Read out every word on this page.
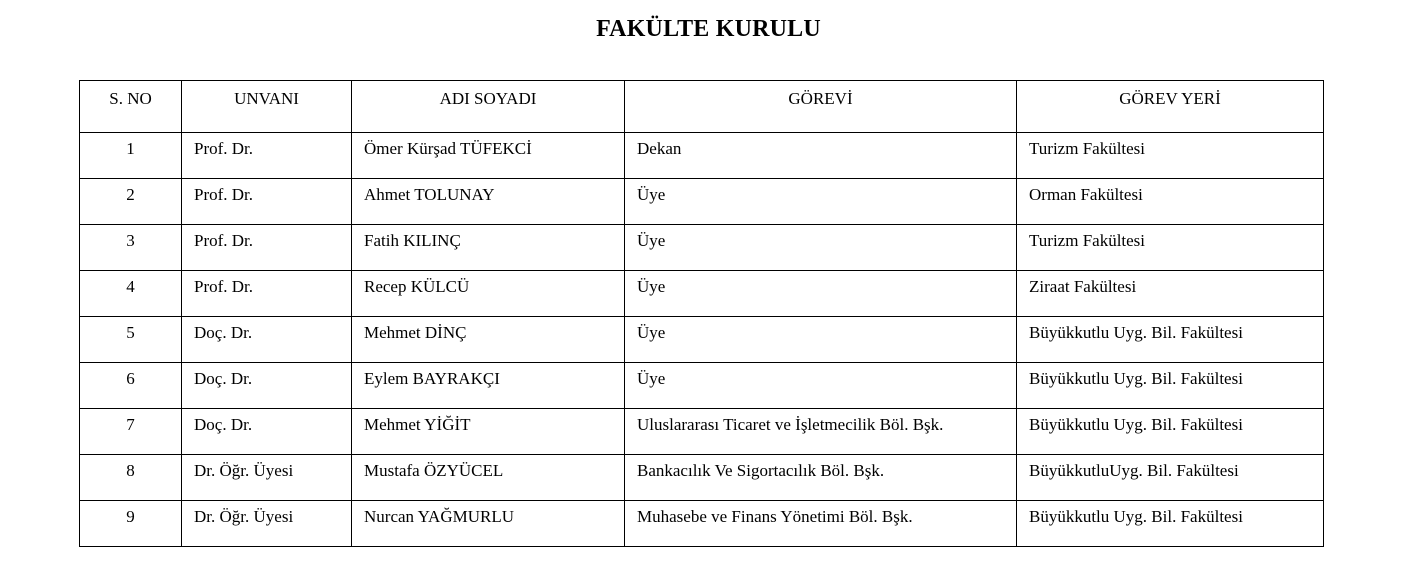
FAKÜLTE KURULU
S. NO	UNVANI	ADI SOYADI	GÖREVİ	GÖREV YERİ
1	Prof. Dr.	Ömer Kürşad TÜFEKCİ	Dekan	Turizm Fakültesi
2	Prof. Dr.	Ahmet TOLUNAY	Üye	Orman Fakültesi
3	Prof. Dr.	Fatih KILINÇ	Üye	Turizm Fakültesi
4	Prof. Dr.	Recep KÜLCÜ	Üye	Ziraat Fakültesi
5	Doç. Dr.	Mehmet DİNÇ	Üye	Büyükkutlu Uyg. Bil. Fakültesi
6	Doç. Dr.	Eylem BAYRAKÇI	Üye	Büyükkutlu Uyg. Bil. Fakültesi
7	Doç. Dr.	Mehmet YİĞİT	Uluslararası Ticaret ve İşletmecilik Böl. Bşk.	Büyükkutlu Uyg. Bil. Fakültesi
8	Dr. Öğr. Üyesi	Mustafa ÖZYÜCEL	Bankacılık Ve Sigortacılık Böl. Bşk.	BüyükkutluUyg. Bil. Fakültesi
9	Dr. Öğr. Üyesi	Nurcan YAĞMURLU	Muhasebe ve Finans Yönetimi Böl. Bşk.	Büyükkutlu Uyg. Bil. Fakültesi
